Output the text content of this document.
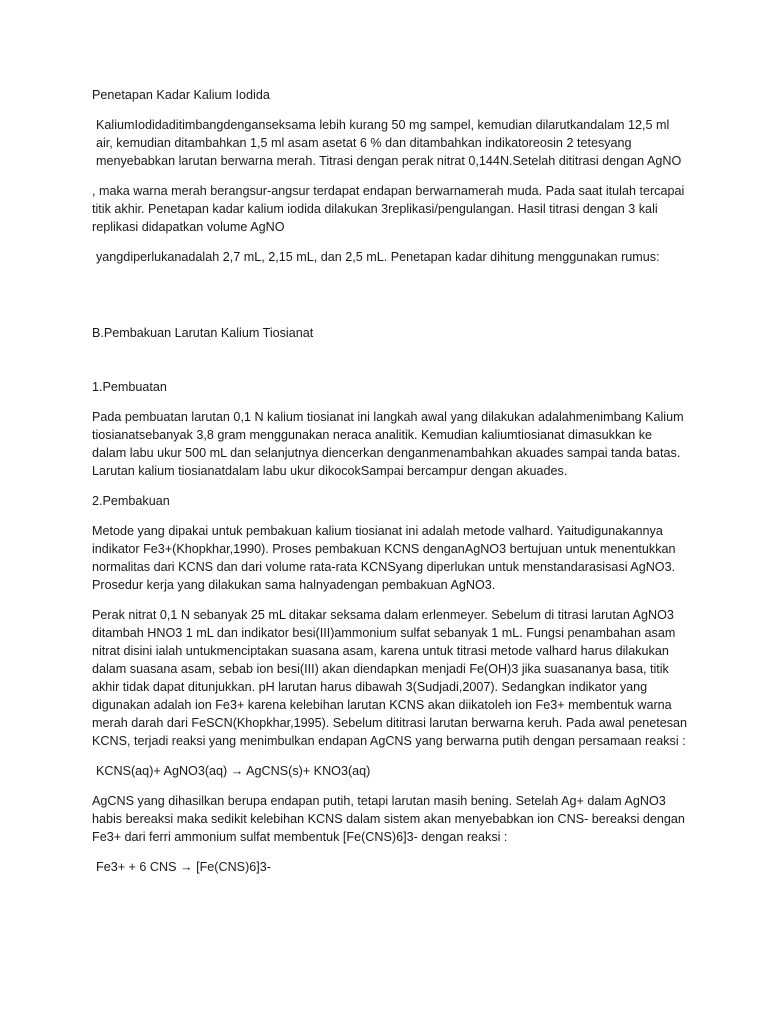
Penetapan Kadar Kalium Iodida

KaliumIodidaditimbangdenganseksama lebih kurang 50 mg sampel, kemudian dilarutkandalam 12,5 ml air, kemudian ditambahkan 1,5 ml asam asetat 6 % dan ditambahkan indikatoreosin 2 tetesyang menyebabkan larutan berwarna merah. Titrasi dengan perak nitrat 0,144N.Setelah dititrasi dengan AgNO

, maka warna merah berangsur-angsur terdapat endapan berwarnamerah muda. Pada saat itulah tercapai titik akhir. Penetapan kadar kalium iodida dilakukan 3replikasi/pengulangan. Hasil titrasi dengan 3 kali replikasi didapatkan volume AgNO

yangdiperlukanadalah 2,7 mL, 2,15 mL, dan 2,5 mL. Penetapan kadar dihitung menggunakan rumus:

B.Pembakuan Larutan Kalium Tiosianat

1.Pembuatan

Pada pembuatan larutan 0,1 N kalium tiosianat ini langkah awal yang dilakukan adalahmenimbang Kalium tiosianatsebanyak 3,8 gram menggunakan neraca analitik. Kemudian kaliumtiosianat dimasukkan ke dalam labu ukur 500 mL dan selanjutnya diencerkan denganmenambahkan akuades sampai tanda batas. Larutan kalium tiosianatdalam labu ukur dikocokSampai bercampur dengan akuades.

2.Pembakuan

Metode yang dipakai untuk pembakuan kalium tiosianat ini adalah metode valhard. Yaitudigunakannya indikator Fe3+(Khopkhar,1990). Proses pembakuan KCNS denganAgNO3 bertujuan untuk menentukkan normalitas dari KCNS dan dari volume rata-rata KCNSyang diperlukan untuk menstandarasisasi AgNO3. Prosedur kerja yang dilakukan sama halnyadengan pembakuan AgNO3.

Perak nitrat 0,1 N sebanyak 25 mL ditakar seksama dalam erlenmeyer. Sebelum di titrasi larutan AgNO3 ditambah HNO3 1 mL dan indikator besi(III)ammonium sulfat sebanyak 1 mL. Fungsi penambahan asam nitrat disini ialah untukmenciptakan suasana asam, karena untuk titrasi metode valhard harus dilakukan dalam suasana asam, sebab ion besi(III) akan diendapkan menjadi Fe(OH)3 jika suasananya basa, titik akhir tidak dapat ditunjukkan. pH larutan harus dibawah 3(Sudjadi,2007). Sedangkan indikator yang digunakan adalah ion Fe3+ karena kelebihan larutan KCNS akan diikatoleh ion Fe3+ membentuk warna merah darah dari FeSCN(Khopkhar,1995). Sebelum dititrasi larutan berwarna keruh. Pada awal penetesan KCNS, terjadi reaksi yang menimbulkan endapan AgCNS yang berwarna putih dengan persamaan reaksi :

KCNS(aq)+ AgNO3(aq) → AgCNS(s)+ KNO3(aq)

AgCNS yang dihasilkan berupa endapan putih, tetapi larutan masih bening. Setelah Ag+ dalam AgNO3 habis bereaksi maka sedikit kelebihan KCNS dalam sistem akan menyebabkan ion CNS- bereaksi dengan Fe3+ dari ferri ammonium sulfat membentuk [Fe(CNS)6]3- dengan reaksi :

Fe3+ + 6 CNS → [Fe(CNS)6]3-
